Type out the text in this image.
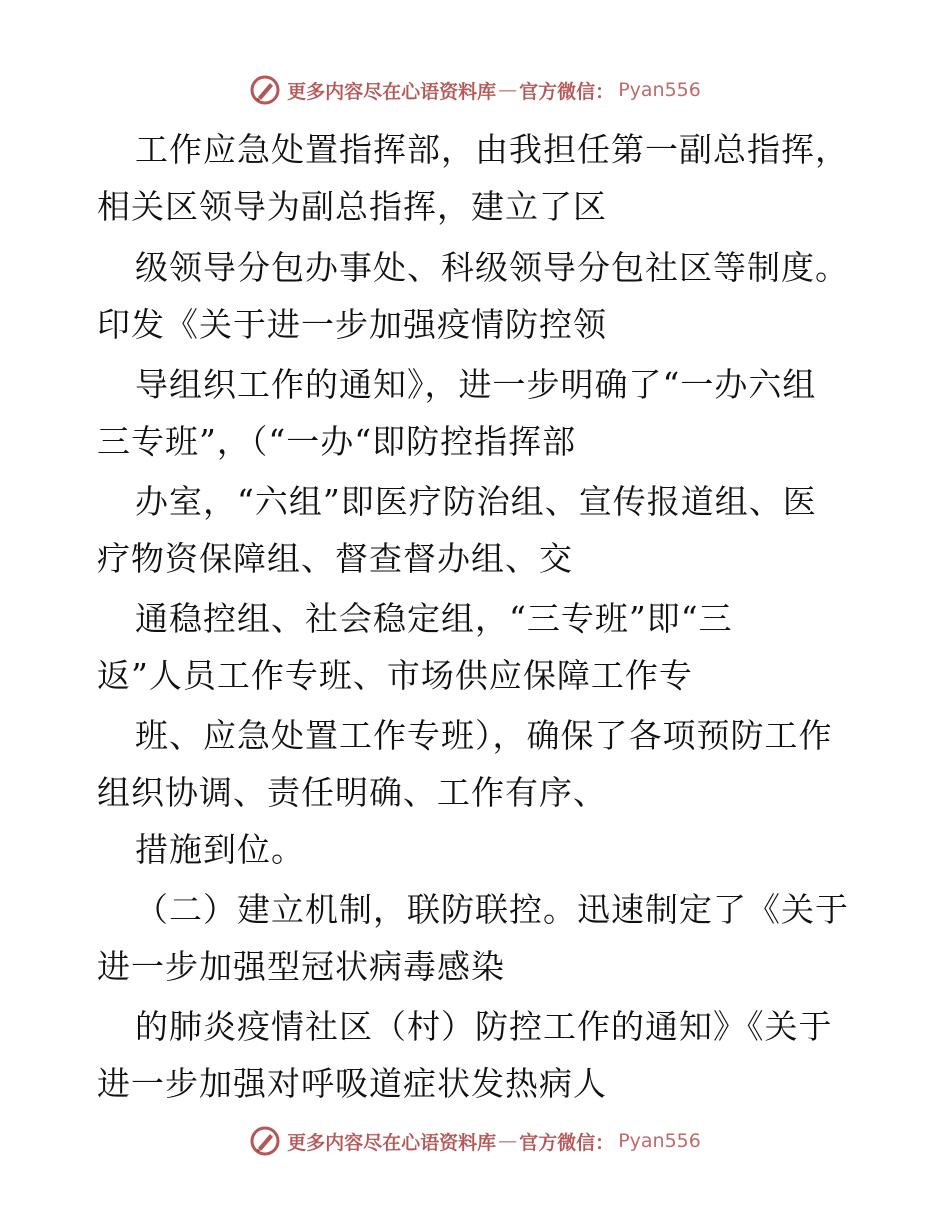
更多内容尽在心语资料库 — 官方微信： Pyan556
工作应急处置指挥部，由我担任第一副总指挥，
相关区领导为副总指挥，建立了区
级领导分包办事处、科级领导分包社区等制度。
印发《关于进一步加强疫情防控领
导组织工作的通知》，进一步明确了“一办六组
三专班”，（“一办“即防控指挥部
办室，“六组”即医疗防治组、宣传报道组、医
疗物资保障组、督查督办组、交
通稳控组、社会稳定组，“三专班”即“三
返”人员工作专班、市场供应保障工作专
班、应急处置工作专班），确保了各项预防工作
组织协调、责任明确、工作有序、
措施到位。
（二）建立机制，联防联控。迅速制定了《关于
进一步加强型冠状病毒感染
的肺炎疫情社区（村）防控工作的通知》《关于
进一步加强对呼吸道症状发热病人
更多内容尽在心语资料库 — 官方微信： Pyan556
